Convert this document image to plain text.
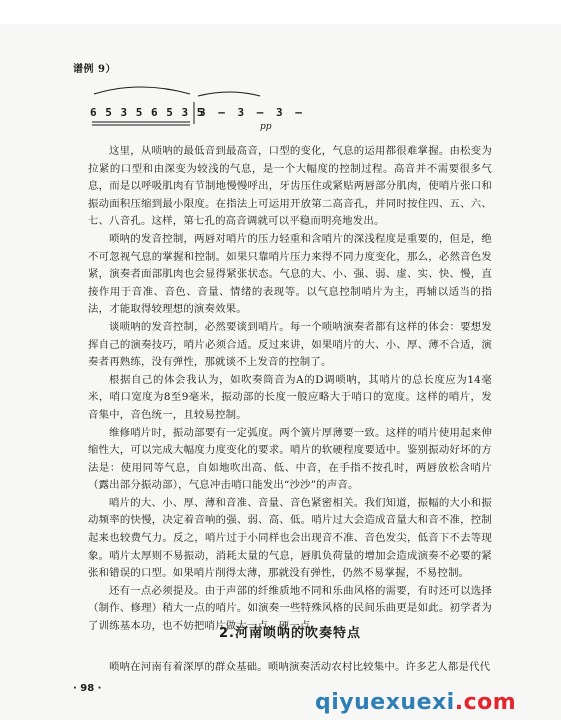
谱例 9）
6 5 3 5 6 5 3 5
3 – 3 – 3 –
pp

这里，从唢呐的最低音到最高音，口型的变化，气息的运用都很难掌握。由松变为拉紧的口型和由深变为较浅的气息，是一个大幅度的控制过程。高音并不需要很多气息，而是以呼吸肌肉有节制地慢慢呼出，牙齿压住或紧贴两唇部分肌肉，使哨片张口和振动面积压缩到最小限度。在指法上可运用开放第二高音孔，并同时按住四、五、六、七、八音孔。这样，第七孔的高音调就可以平稳而明亮地发出。

唢呐的发音控制，两唇对哨片的压力轻重和含哨片的深浅程度是重要的，但是，绝不可忽视气息的掌握和控制。如果只靠哨片压力来得不同力度变化，那么，必然音色发紧，演奏者面部肌肉也会显得紧张状态。气息的大、小、强、弱、虚、实、快、慢，直接作用于音准、音色、音量、情绪的表现等。以气息控制哨片为主，再辅以适当的指法，才能取得较理想的演奏效果。

谈唢呐的发音控制，必然要谈到哨片。每一个唢呐演奏者都有这样的体会：要想发挥自己的演奏技巧，哨片必须合适。反过来讲，如果哨片的大、小、厚、薄不合适，演奏者再熟练，没有弹性，那就谈不上发音的控制了。

根据自己的体会我认为，如吹奏筒音为A的D调唢呐，其哨片的总长度应为14毫米，哨口宽度为8至9毫米，振动部的长度一般应略大于哨口的宽度。这样的哨片，发音集中，音色统一，且较易控制。

维修哨片时，振动部要有一定弧度。两个簧片厚薄要一致。这样的哨片使用起来伸缩性大，可以完成大幅度力度变化的要求。哨片的软硬程度要适中。鉴别振动好坏的方法是：使用同等气息，自如地吹出高、低、中音，在手指不按孔时，两唇放松含哨片（露出部分振动部），气息冲击哨口能发出“沙沙”的声音。

哨片的大、小、厚、薄和音准、音量、音色紧密相关。我们知道，振幅的大小和振动频率的快慢，决定着音响的强、弱、高、低。哨片过大会造成音量大和音不准，控制起来也较费气力。反之，哨片过于小同样也会出现音不准、音色发尖，低音下不去等现象。哨片太厚则不易振动，消耗太量的气息，唇肌负荷量的增加会造成演奏不必要的紧张和错误的口型。如果哨片削得太薄，那就没有弹性，仍然不易掌握，不易控制。

还有一点必须提及。由于声部的纤维质地不同和乐曲风格的需要，有时还可以选择（制作、修理）稍大一点的哨片。如演奏一些特殊风格的民间乐曲更是如此。初学者为了训练基本功，也不妨把哨片做大一点、硬一点。

2.河南唢呐的吹奏特点

唢呐在河南有着深厚的群众基础。唢呐演奏活动农村比较集中。许多艺人都是代代

· 98 ·
qiyuexuexi.com
